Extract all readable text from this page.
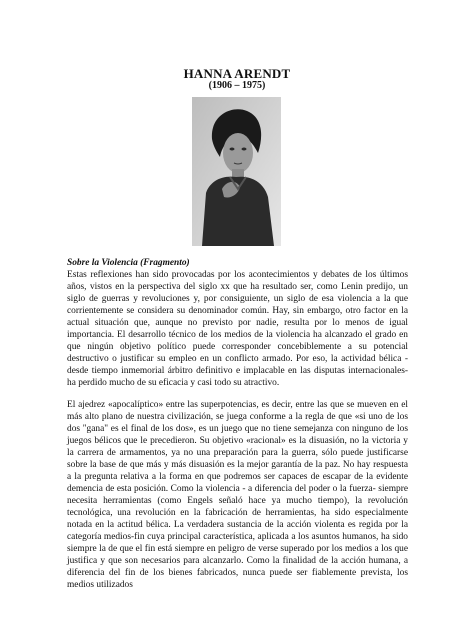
HANNA ARENDT
(1906 – 1975)

Sobre la Violencia (Fragmento)

Estas reflexiones han sido provocadas por los acontecimientos y debates de los últimos años, vistos en la perspectiva del siglo xx que ha resultado ser, como Lenin predijo, un siglo de guerras y revoluciones y, por consiguiente, un siglo de esa violencia a la que corrientemente se considera su denominador común. Hay, sin embargo, otro factor en la actual situación que, aunque no previsto por nadie, resulta por lo menos de igual importancia. El desarrollo técnico de los medios de la violencia ha alcanzado el grado en que ningún objetivo político puede corresponder concebiblemente a su potencial destructivo o justificar su empleo en un conflicto armado. Por eso, la actividad bélica -desde tiempo inmemorial árbitro definitivo e implacable en las disputas internacionales- ha perdido mucho de su eficacia y casi todo su atractivo.

El ajedrez «apocalíptico» entre las superpotencias, es decir, entre las que se mueven en el más alto plano de nuestra civilización, se juega conforme a la regla de que «si uno de los dos "gana" es el final de los dos», es un juego que no tiene semejanza con ninguno de los juegos bélicos que le precedieron. Su objetivo «racional» es la disuasión, no la victoria y la carrera de armamentos, ya no una preparación para la guerra, sólo puede justificarse sobre la base de que más y más disuasión es la mejor garantía de la paz. No hay respuesta a la pregunta relativa a la forma en que podremos ser capaces de escapar de la evidente demencia de esta posición. Como la violencia - a diferencia del poder o la fuerza- siempre necesita herramientas (como Engels señaló hace ya mucho tiempo), la revolución tecnológica, una revolución en la fabricación de herramientas, ha sido especialmente notada en la actitud bélica. La verdadera sustancia de la acción violenta es regida por la categoría medios-fin cuya principal característica, aplicada a los asuntos humanos, ha sido siempre la de que el fin está siempre en peligro de verse superado por los medios a los que justifica y que son necesarios para alcanzarlo. Como la finalidad de la acción humana, a diferencia del fin de los bienes fabricados, nunca puede ser fiablemente prevista, los medios utilizados
